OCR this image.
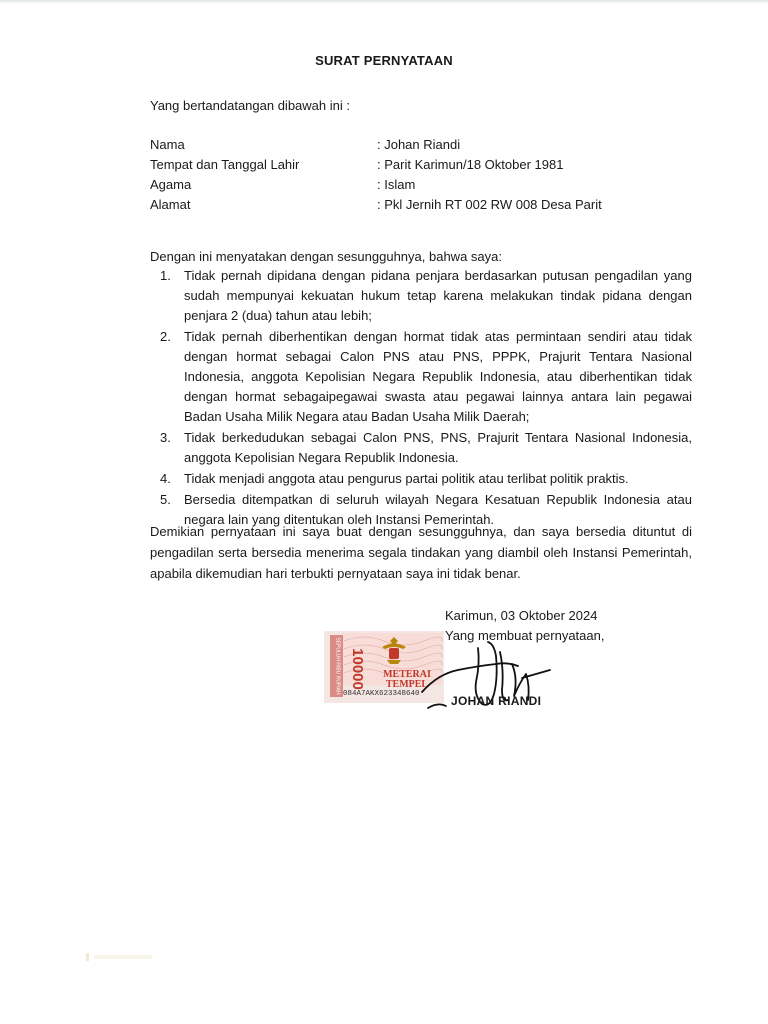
SURAT PERNYATAAN
Yang bertandatangan dibawah ini :
Nama	: Johan Riandi
Tempat dan Tanggal Lahir	: Parit Karimun/18 Oktober 1981
Agama	: Islam
Alamat	: Pkl Jernih RT 002 RW 008 Desa Parit
Dengan ini menyatakan dengan sesungguhnya, bahwa saya:
1. Tidak pernah dipidana dengan pidana penjara berdasarkan putusan pengadilan yang sudah mempunyai kekuatan hukum tetap karena melakukan tindak pidana dengan penjara 2 (dua) tahun atau lebih;
2. Tidak pernah diberhentikan dengan hormat tidak atas permintaan sendiri atau tidak dengan hormat sebagai Calon PNS atau PNS, PPPK, Prajurit Tentara Nasional Indonesia, anggota Kepolisian Negara Republik Indonesia, atau diberhentikan tidak dengan hormat sebagaipegawai swasta atau pegawai lainnya antara lain pegawai Badan Usaha Milik Negara atau Badan Usaha Milik Daerah;
3. Tidak berkedudukan sebagai Calon PNS, PNS, Prajurit Tentara Nasional Indonesia, anggota Kepolisian Negara Republik Indonesia.
4. Tidak menjadi anggota atau pengurus partai politik atau terlibat politik praktis.
5. Bersedia ditempatkan di seluruh wilayah Negara Kesatuan Republik Indonesia atau negara lain yang ditentukan oleh Instansi Pemerintah.
Demikian pernyataan ini saya buat dengan sesungguhnya, dan saya bersedia dituntut di pengadilan serta bersedia menerima segala tindakan yang diambil oleh Instansi Pemerintah, apabila dikemudian hari terbukti pernyataan saya ini tidak benar.
Karimun, 03 Oktober 2024
Yang membuat pernyataan,
SEPULUH RIBU RUPIAH 10000 METERAI
TEMPEL
084A7AKX623348640	JOHAN RIANDI
